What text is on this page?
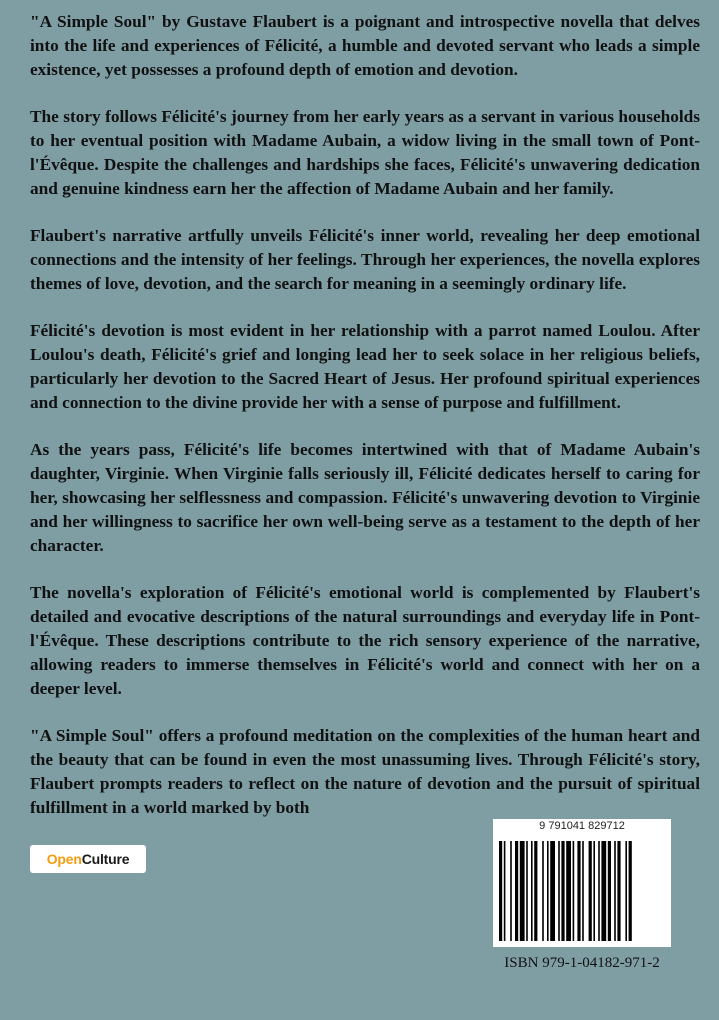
"A Simple Soul" by Gustave Flaubert is a poignant and introspective novella that delves into the life and experiences of Félicité, a humble and devoted servant who leads a simple existence, yet possesses a profound depth of emotion and devotion.

The story follows Félicité's journey from her early years as a servant in various households to her eventual position with Madame Aubain, a widow living in the small town of Pont-l'Évêque. Despite the challenges and hardships she faces, Félicité's unwavering dedication and genuine kindness earn her the affection of Madame Aubain and her family.

Flaubert's narrative artfully unveils Félicité's inner world, revealing her deep emotional connections and the intensity of her feelings. Through her experiences, the novella explores themes of love, devotion, and the search for meaning in a seemingly ordinary life.

Félicité's devotion is most evident in her relationship with a parrot named Loulou. After Loulou's death, Félicité's grief and longing lead her to seek solace in her religious beliefs, particularly her devotion to the Sacred Heart of Jesus. Her profound spiritual experiences and connection to the divine provide her with a sense of purpose and fulfillment.

As the years pass, Félicité's life becomes intertwined with that of Madame Aubain's daughter, Virginie. When Virginie falls seriously ill, Félicité dedicates herself to caring for her, showcasing her selflessness and compassion. Félicité's unwavering devotion to Virginie and her willingness to sacrifice her own well-being serve as a testament to the depth of her character.

The novella's exploration of Félicité's emotional world is complemented by Flaubert's detailed and evocative descriptions of the natural surroundings and everyday life in Pont-l'Évêque. These descriptions contribute to the rich sensory experience of the narrative, allowing readers to immerse themselves in Félicité's world and connect with her on a deeper level.

"A Simple Soul" offers a profound meditation on the complexities of the human heart and the beauty that can be found in even the most unassuming lives. Through Félicité's story, Flaubert prompts readers to reflect on the nature of devotion and the pursuit of spiritual fulfillment in a world marked by both

OpenCulture
9 791041 829712
ISBN 979-1-04182-971-2
